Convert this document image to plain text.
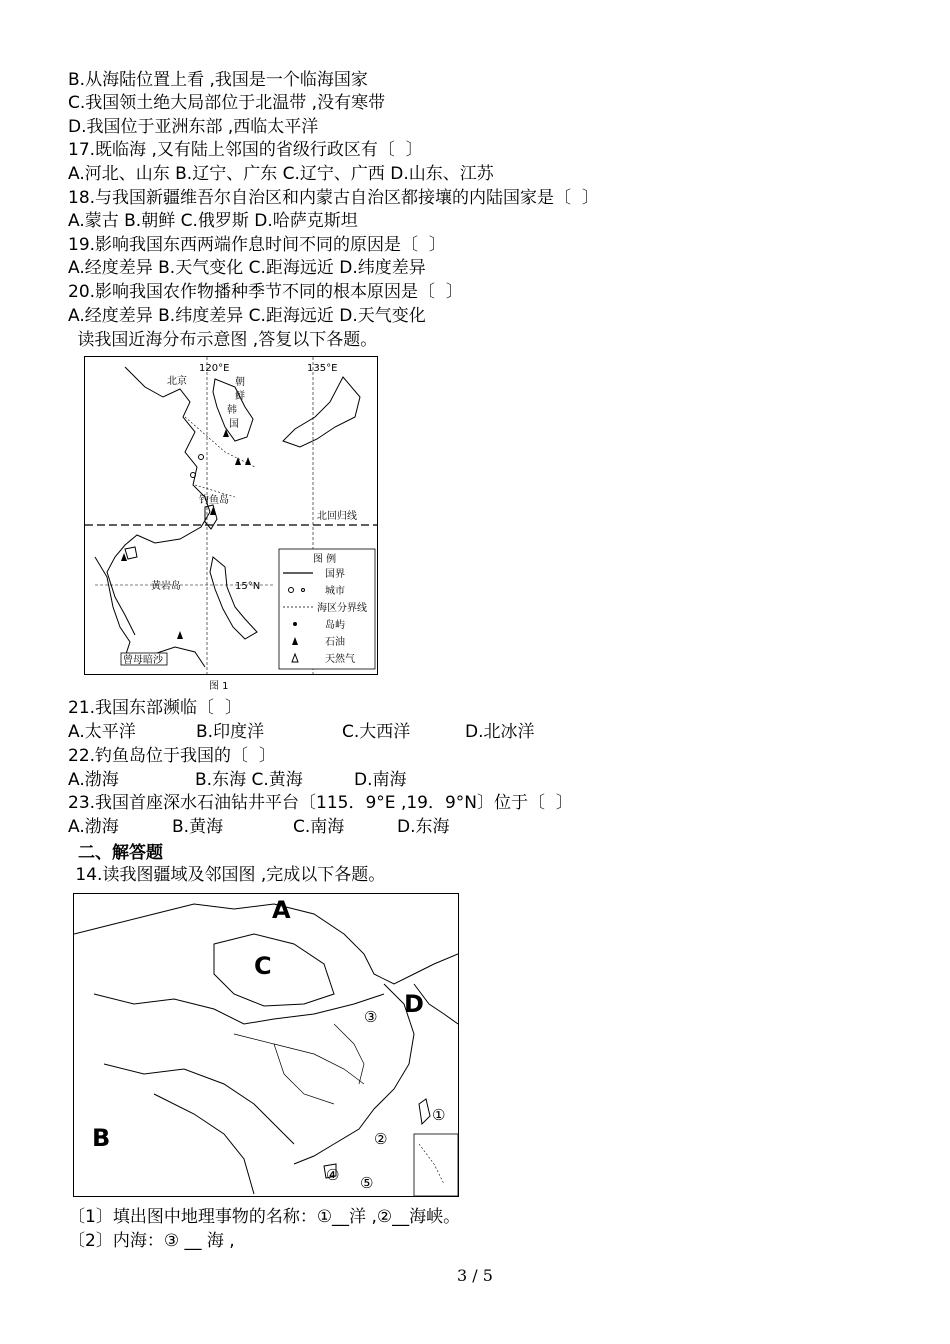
B.从海陆位置上看 ,我国是一个临海国家
C.我国领土绝大局部位于北温带 ,没有寒带
D.我国位于亚洲东部 ,西临太平洋
17.既临海 ,又有陆上邻国的省级行政区有〔  〕
A.河北、山东 B.辽宁、广东 C.辽宁、广西 D.山东、江苏
18.与我国新疆维吾尔自治区和内蒙古自治区都接壤的内陆国家是〔  〕
A.蒙古 B.朝鲜 C.俄罗斯 D.哈萨克斯坦
19.影响我国东西两端作息时间不同的原因是〔  〕
A.经度差异 B.天气变化 C.距海远近 D.纬度差异
20.影响我国农作物播种季节不同的根本原因是〔  〕
A.经度差异 B.纬度差异 C.距海远近 D.天气变化
读我国近海分布示意图 ,答复以下各题。
120°E	135°E
北京	朝
鲜
韩
国
钓鱼岛
北回归线
黄岩岛	15°N
曾母暗沙
图 例
国界
城市
海区分界线
岛屿
石油
天然气
图 1
21.我国东部濒临〔  〕
A.太平洋	B.印度洋	C.大西洋	D.北冰洋
22.钓鱼岛位于我国的〔  〕
A.渤海	B.东海 C.黄海	D.南海
23.我国首座深水石油钻井平台〔115．9°E ,19．9°N〕位于〔  〕
A.渤海	B.黄海	C.南海	D.东海
二、解答题
14.读我图疆域及邻国图 ,完成以下各题。
A
C
D
B
①
②
③
④ ⑤
〔1〕填出图中地理事物的名称：①__洋 ,②__海峡。
〔2〕内海：③ __ 海 ,
3 / 5
